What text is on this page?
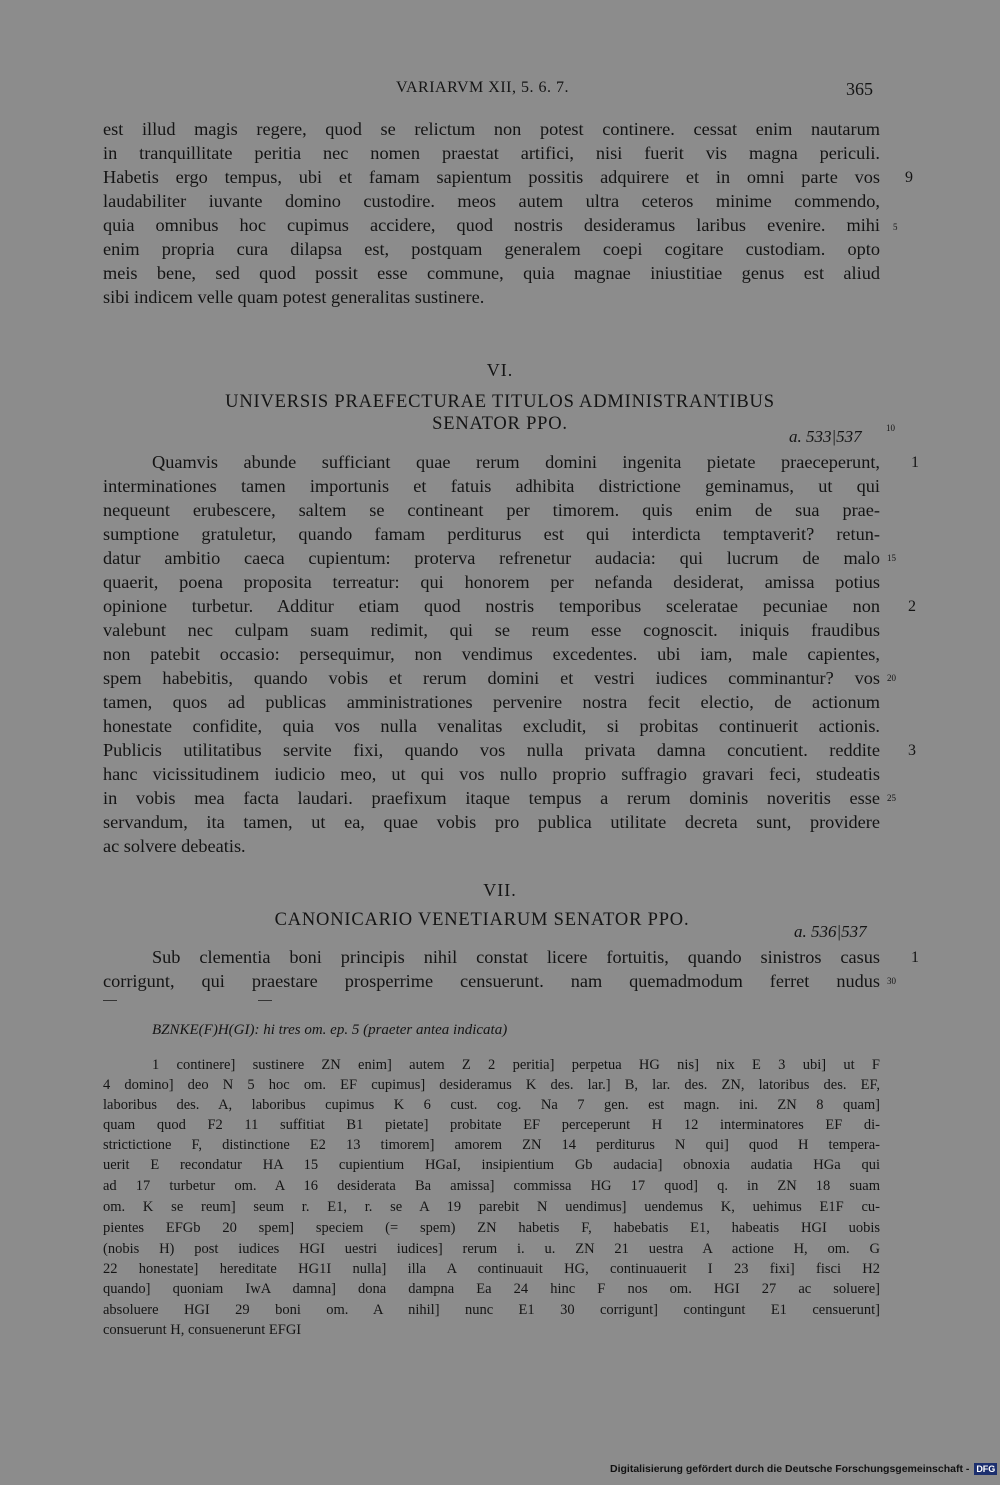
VARIARVM XII, 5. 6. 7.	365
est illud magis regere, quod se relictum non potest continere. cessat enim nautarum
in tranquillitate peritia nec nomen praestat artifici, nisi fuerit vis magna periculi.
Habetis ergo tempus, ubi et famam sapientum possitis adquirere et in omni parte vos
laudabiliter iuvante domino custodire. meos autem ultra ceteros minime commendo,
quia omnibus hoc cupimus accidere, quod nostris desideramus laribus evenire. mihi
enim propria cura dilapsa est, postquam generalem coepi cogitare custodiam. opto
meis bene, sed quod possit esse commune, quia magnae iniustitiae genus est aliud
sibi indicem velle quam potest generalitas sustinere.
9
5
VI.
UNIVERSIS PRAEFECTURAE TITULOS ADMINISTRANTIBUS
SENATOR PPO.
a. 533|537	10
Quamvis abunde sufficiant quae rerum domini ingenita pietate praeceperunt,
interminationes tamen importunis et fatuis adhibita districtione geminamus, ut qui
nequeunt erubescere, saltem se contineant per timorem. quis enim de sua prae-
sumptione gratuletur, quando famam perditurus est qui interdicta temptaverit? retun-
datur ambitio caeca cupientum: proterva refrenetur audacia: qui lucrum de malo
quaerit, poena proposita terreatur: qui honorem per nefanda desiderat, amissa potius
opinione turbetur. Additur etiam quod nostris temporibus sceleratae pecuniae non
valebunt nec culpam suam redimit, qui se reum esse cognoscit. iniquis fraudibus
non patebit occasio: persequimur, non vendimus excedentes. ubi iam, male capientes,
spem habebitis, quando vobis et rerum domini et vestri iudices comminantur? vos
tamen, quos ad publicas amministrationes pervenire nostra fecit electio, de actionum
honestate confidite, quia vos nulla venalitas excludit, si probitas continuerit actionis.
Publicis utilitatibus servite fixi, quando vos nulla privata damna concutient. reddite
hanc vicissitudinem iudicio meo, ut qui vos nullo proprio suffragio gravari feci, studeatis
in vobis mea facta laudari. praefixum itaque tempus a rerum dominis noveritis esse
servandum, ita tamen, ut ea, quae vobis pro publica utilitate decreta sunt, providere
ac solvere debeatis.
1
15
2
20
3
25
VII.
CANONICARIO VENETIARUM SENATOR PPO.
a. 536|537
Sub clementia boni principis nihil constat licere fortuitis, quando sinistros casus
corrigunt, qui praestare prosperrime censuerunt. nam quemadmodum ferret nudus
1
30
BZNKE(F)H(GI): hi tres om. ep. 5 (praeter antea indicata)
1 continere] sustinere ZN enim] autem Z 2 peritia] perpetua HG nis] nix E 3 ubi] ut F
4 domino] deo N 5 hoc om. EF cupimus] desideramus K des. lar.] B, lar. des. ZN, latoribus des. EF,
laboribus des. A, laboribus cupimus K 6 cust. cog. Na 7 gen. est magn. ini. ZN 8 quam]
quam quod F2 11 suffitiat B1 pietate] probitate EF perceperunt H 12 interminatores EF di-
strictictione F, distinctione E2 13 timorem] amorem ZN 14 perditurus N qui] quod H tempera-
uerit E recondatur HA 15 cupientium HGaI, insipientium Gb audacia] obnoxia audatia HGa qui
ad 17 turbetur om. A 16 desiderata Ba amissa] commissa HG 17 quod] q. in ZN 18 suam
om. K se reum] seum r. E1, r. se A 19 parebit N uendimus] uendemus K, uehimus E1F cu-
pientes EFGb 20 spem] speciem (= spem) ZN habetis F, habebatis E1, habeatis HGI uobis
(nobis H) post iudices HGI uestri iudices] rerum i. u. ZN 21 uestra A actione H, om. G
22 honestate] hereditate HG1I nulla] illa A continuauit HG, continuauerit I 23 fixi] fisci H2
quando] quoniam IwA damna] dona dampna Ea 24 hinc F nos om. HGI 27 ac soluere]
absoluere HGI 29 boni om. A nihil] nunc E1 30 corrigunt] contingunt E1 censuerunt]
consuerunt H, consuenerunt EFGI
Digitalisierung gefördert durch die Deutsche Forschungsgemeinschaft - DFG
